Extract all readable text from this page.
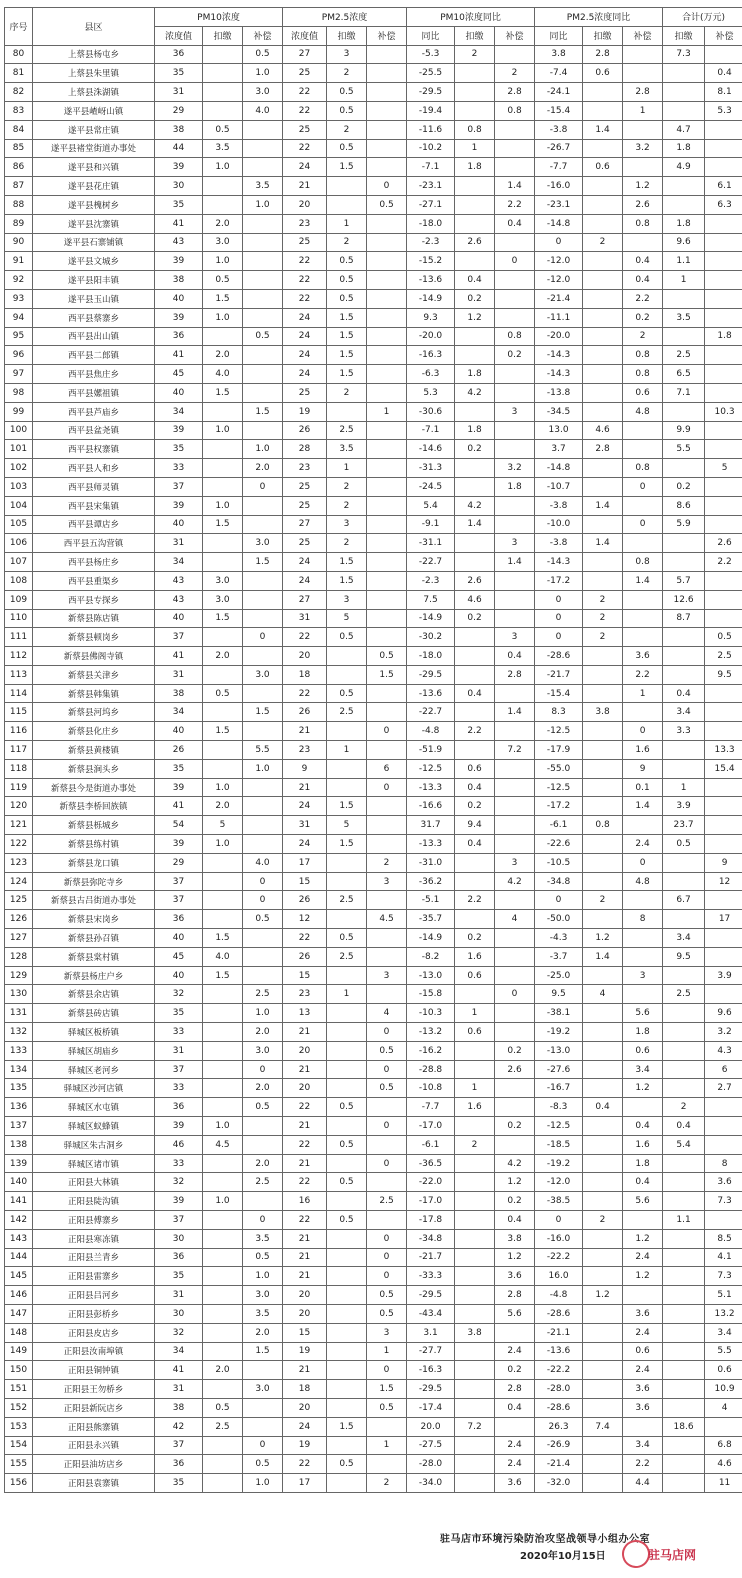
序号	县区	PM10浓度			PM2.5浓度			PM10浓度同比			PM2.5浓度同比			合计(万元)	
		浓度值	扣缴	补偿	浓度值	扣缴	补偿	同比	扣缴	补偿	同比	扣缴	补偿	扣缴	补偿
80	上蔡县杨屯乡	36		0.5	27	3		-5.3	2		3.8	2.8		7.3	
81	上蔡县朱里镇	35		1.0	25	2		-25.5		2	-7.4	0.6			0.4
82	上蔡县洙湖镇	31		3.0	22	0.5		-29.5		2.8	-24.1		2.8		8.1
83	遂平县嵖岈山镇	29		4.0	22	0.5		-19.4		0.8	-15.4		1		5.3
84	遂平县常庄镇	38	0.5		25	2		-11.6	0.8		-3.8	1.4		4.7	
85	遂平县褚堂街道办事处	44	3.5		22	0.5		-10.2	1		-26.7		3.2	1.8	
86	遂平县和兴镇	39	1.0		24	1.5		-7.1	1.8		-7.7	0.6		4.9	
87	遂平县花庄镇	30		3.5	21		0	-23.1		1.4	-16.0		1.2		6.1
88	遂平县槐树乡	35		1.0	20		0.5	-27.1		2.2	-23.1		2.6		6.3
89	遂平县沈寨镇	41	2.0		23	1		-18.0		0.4	-14.8		0.8	1.8	
90	遂平县石寨铺镇	43	3.0		25	2		-2.3	2.6		0	2		9.6	
91	遂平县文城乡	39	1.0		22	0.5		-15.2		0	-12.0		0.4	1.1	
92	遂平县阳丰镇	38	0.5		22	0.5		-13.6	0.4		-12.0		0.4	1	
93	遂平县玉山镇	40	1.5		22	0.5		-14.9	0.2		-21.4		2.2		
94	西平县蔡寨乡	39	1.0		24	1.5		9.3	1.2		-11.1		0.2	3.5	
95	西平县出山镇	36		0.5	24	1.5		-20.0		0.8	-20.0		2		1.8
96	西平县二郎镇	41	2.0		24	1.5		-16.3		0.2	-14.3		0.8	2.5	
97	西平县焦庄乡	45	4.0		24	1.5		-6.3	1.8		-14.3		0.8	6.5	
98	西平县嫘祖镇	40	1.5		25	2		5.3	4.2		-13.8		0.6	7.1	
99	西平县芦庙乡	34		1.5	19		1	-30.6		3	-34.5		4.8		10.3
100	西平县盆尧镇	39	1.0		26	2.5		-7.1	1.8		13.0	4.6		9.9	
101	西平县权寨镇	35		1.0	28	3.5		-14.6	0.2		3.7	2.8		5.5	
102	西平县人和乡	33		2.0	23	1		-31.3		3.2	-14.8		0.8		5
103	西平县师灵镇	37		0	25	2		-24.5		1.8	-10.7		0	0.2	
104	西平县宋集镇	39	1.0		25	2		5.4	4.2		-3.8	1.4		8.6	
105	西平县谭店乡	40	1.5		27	3		-9.1	1.4		-10.0		0	5.9	
106	西平县五沟营镇	31		3.0	25	2		-31.1		3	-3.8	1.4			2.6
107	西平县杨庄乡	34		1.5	24	1.5		-22.7		1.4	-14.3		0.8		2.2
108	西平县重渠乡	43	3.0		24	1.5		-2.3	2.6		-17.2		1.4	5.7	
109	西平县专探乡	43	3.0		27	3		7.5	4.6		0	2		12.6	
110	新蔡县陈店镇	40	1.5		31	5		-14.9	0.2		0	2		8.7	
111	新蔡县顿岗乡	37		0	22	0.5		-30.2		3	0	2			0.5
112	新蔡县佛阁寺镇	41	2.0		20		0.5	-18.0		0.4	-28.6		3.6		2.5
113	新蔡县关津乡	31		3.0	18		1.5	-29.5		2.8	-21.7		2.2		9.5
114	新蔡县韩集镇	38	0.5		22	0.5		-13.6	0.4		-15.4		1	0.4	
115	新蔡县河坞乡	34		1.5	26	2.5		-22.7		1.4	8.3	3.8		3.4	
116	新蔡县化庄乡	40	1.5		21		0	-4.8	2.2		-12.5		0	3.3	
117	新蔡县黄楼镇	26		5.5	23	1		-51.9		7.2	-17.9		1.6		13.3
118	新蔡县涧头乡	35		1.0	9		6	-12.5	0.6		-55.0		9		15.4
119	新蔡县今是街道办事处	39	1.0		21		0	-13.3	0.4		-12.5		0.1	1	
120	新蔡县李桥回族镇	41	2.0		24	1.5		-16.6	0.2		-17.2		1.4	3.9	
121	新蔡县栎城乡	54	5		31	5		31.7	9.4		-6.1	0.8		23.7	
122	新蔡县练村镇	39	1.0		24	1.5		-13.3	0.4		-22.6		2.4	0.5	
123	新蔡县龙口镇	29		4.0	17		2	-31.0		3	-10.5		0		9
124	新蔡县弥陀寺乡	37		0	15		3	-36.2		4.2	-34.8		4.8		12
125	新蔡县古吕街道办事处	37		0	26	2.5		-5.1	2.2		0	2		6.7	
126	新蔡县宋岗乡	36		0.5	12		4.5	-35.7		4	-50.0		8		17
127	新蔡县孙召镇	40	1.5		22	0.5		-14.9	0.2		-4.3	1.2		3.4	
128	新蔡县棠村镇	45	4.0		26	2.5		-8.2	1.6		-3.7	1.4		9.5	
129	新蔡县杨庄户乡	40	1.5		15		3	-13.0	0.6		-25.0		3		3.9
130	新蔡县余店镇	32		2.5	23	1		-15.8		0	9.5	4		2.5	
131	新蔡县砖店镇	35		1.0	13		4	-10.3	1		-38.1		5.6		9.6
132	驿城区板桥镇	33		2.0	21		0	-13.2	0.6		-19.2		1.8		3.2
133	驿城区胡庙乡	31		3.0	20		0.5	-16.2		0.2	-13.0		0.6		4.3
134	驿城区老河乡	37		0	21		0	-28.8		2.6	-27.6		3.4		6
135	驿城区沙河店镇	33		2.0	20		0.5	-10.8	1		-16.7		1.2		2.7
136	驿城区水屯镇	36		0.5	22	0.5		-7.7	1.6		-8.3	0.4		2	
137	驿城区蚁蜂镇	39	1.0		21		0	-17.0		0.2	-12.5		0.4	0.4	
138	驿城区朱古洞乡	46	4.5		22	0.5		-6.1	2		-18.5		1.6	5.4	
139	驿城区诸市镇	33		2.0	21		0	-36.5		4.2	-19.2		1.8		8
140	正阳县大林镇	32		2.5	22	0.5		-22.0		1.2	-12.0		0.4		3.6
141	正阳县陡沟镇	39	1.0		16		2.5	-17.0		0.2	-38.5		5.6		7.3
142	正阳县傅寨乡	37		0	22	0.5		-17.8		0.4	0	2		1.1	
143	正阳县寒冻镇	30		3.5	21		0	-34.8		3.8	-16.0		1.2		8.5
144	正阳县兰青乡	36		0.5	21		0	-21.7		1.2	-22.2		2.4		4.1
145	正阳县雷寨乡	35		1.0	21		0	-33.3		3.6	16.0		1.2		7.3
146	正阳县吕河乡	31		3.0	20		0.5	-29.5		2.8	-4.8	1.2			5.1
147	正阳县彭桥乡	30		3.5	20		0.5	-43.4		5.6	-28.6		3.6		13.2
148	正阳县皮店乡	32		2.0	15		3	3.1	3.8		-21.1		2.4		3.4
149	正阳县汝南埠镇	34		1.5	19		1	-27.7		2.4	-13.6		0.6		5.5
150	正阳县铜钟镇	41	2.0		21		0	-16.3		0.2	-22.2		2.4		0.6
151	正阳县王勿桥乡	31		3.0	18		1.5	-29.5		2.8	-28.0		3.6		10.9
152	正阳县新阮店乡	38	0.5		20		0.5	-17.4		0.4	-28.6		3.6		4
153	正阳县熊寨镇	42	2.5		24	1.5		20.0	7.2		26.3	7.4		18.6	
154	正阳县永兴镇	37		0	19		1	-27.5		2.4	-26.9		3.4		6.8
155	正阳县油坊店乡	36		0.5	22	0.5		-28.0		2.4	-21.4		2.2		4.6
156	正阳县袁寨镇	35		1.0	17		2	-34.0		3.6	-32.0		4.4		11
驻马店市环境污染防治攻坚战领导小组办公室
2020年10月15日	驻马店网
